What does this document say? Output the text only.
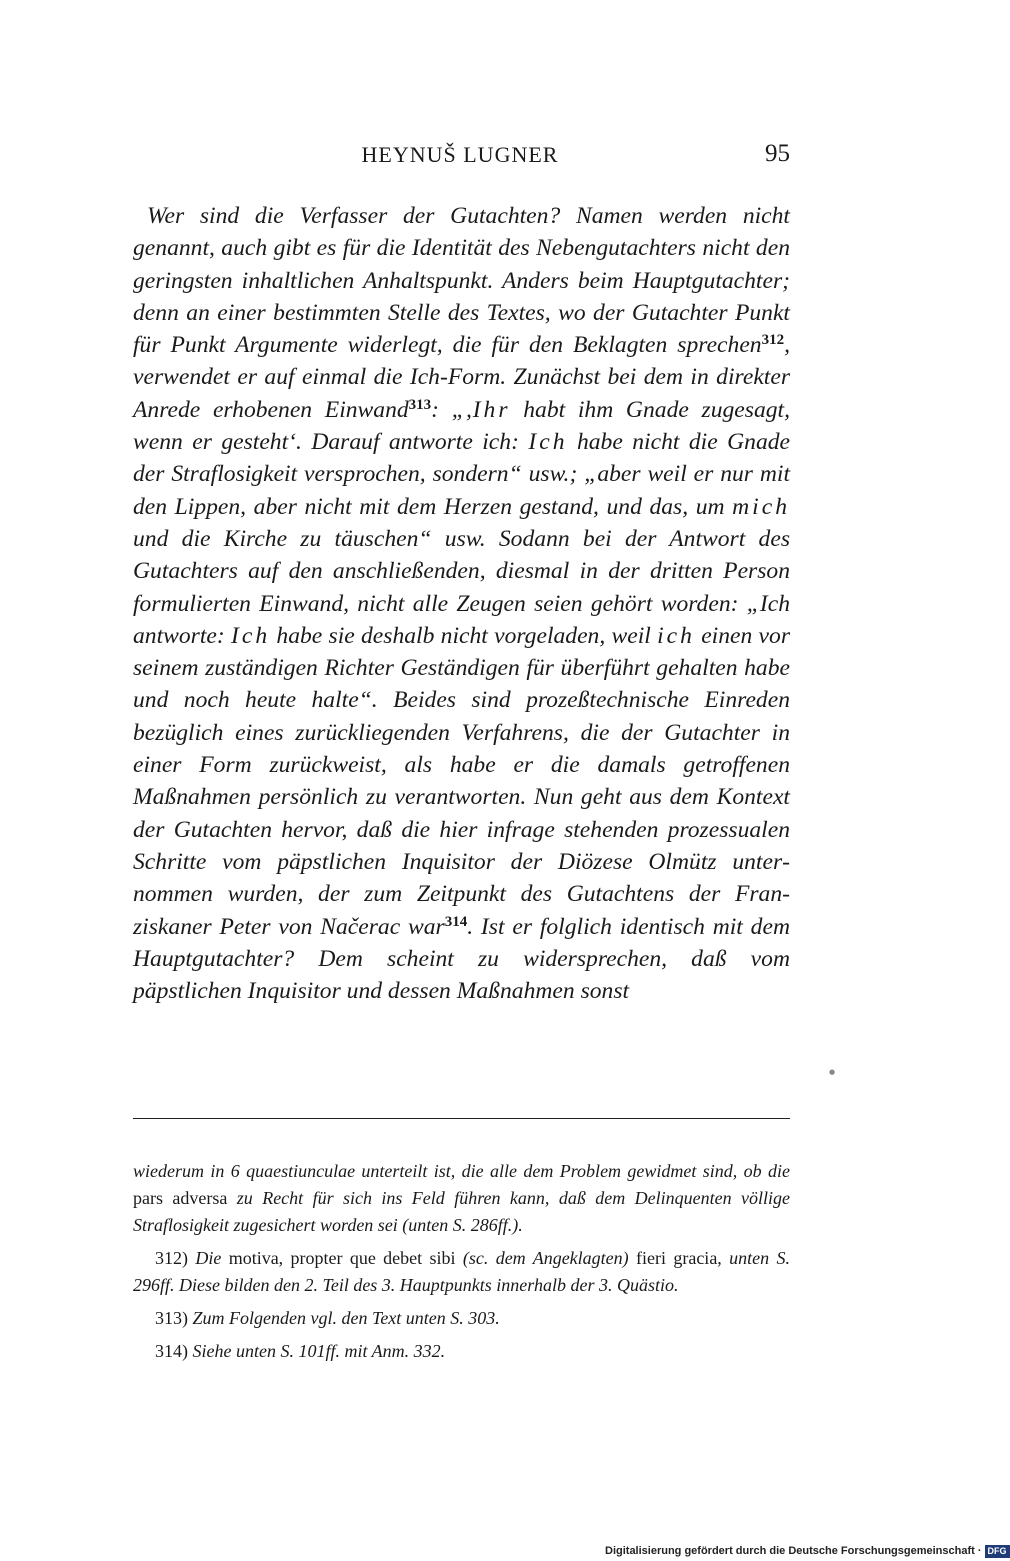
HEYNUŠ LUGNER	95

Wer sind die Verfasser der Gutachten? Namen werden nicht genannt, auch gibt es für die Identität des Nebengutachters nicht den geringsten inhaltlichen Anhaltspunkt. Anders beim Hauptgutachter; denn an einer bestimmten Stelle des Textes, wo der Gutachter Punkt für Punkt Argumente widerlegt, die für den Beklagten sprechen$^{312}$, verwendet er auf einmal die Ich-Form. Zunächst bei dem in direkter Anrede erhobenen Einwand$^{313}$: „‚Ihr habt ihm Gnade zugesagt, wenn er gesteht‘. Darauf antworte ich: Ich habe nicht die Gnade der Straflosigkeit versprochen, sondern“ usw.; „aber weil er nur mit den Lippen, aber nicht mit dem Herzen gestand, und das, um mich und die Kirche zu täuschen“ usw. Sodann bei der Antwort des Gutachters auf den anschließenden, diesmal in der dritten Person formulierten Einwand, nicht alle Zeugen seien gehört worden: „Ich antworte: Ich habe sie deshalb nicht vorgeladen, weil ich einen vor seinem zuständigen Richter Geständigen für überführt gehalten habe und noch heute halte“. Beides sind prozeßtechnische Einreden bezüglich eines zurückliegenden Verfahrens, die der Gutachter in einer Form zurückweist, als habe er die damals getroffenen Maßnahmen persönlich zu verantworten. Nun geht aus dem Kontext der Gutachten hervor, daß die hier infrage stehenden prozessualen Schritte vom päpstlichen Inquisitor der Diözese Olmütz unternommen wurden, der zum Zeitpunkt des Gutachtens der Franziskaner Peter von Načerac war$^{314}$. Ist er folglich identisch mit dem Hauptgutachter? Dem scheint zu widersprechen, daß vom päpstlichen Inquisitor und dessen Maßnahmen sonst

●

wiederum in 6 quaestiunculae unterteilt ist, die alle dem Problem gewidmet sind, ob die pars adversa zu Recht für sich ins Feld führen kann, daß dem Delinquenten völlige Straflosigkeit zugesichert worden sei (unten S. 286ff.).

312) Die motiva, propter que debet sibi (sc. dem Angeklagten) fieri gracia, unten S. 296ff. Diese bilden den 2. Teil des 3. Hauptpunkts innerhalb der 3. Quästio.

313) Zum Folgenden vgl. den Text unten S. 303.

314) Siehe unten S. 101ff. mit Anm. 332.

Digitalisierung gefördert durch die Deutsche Forschungsgemeinschaft · DFG
